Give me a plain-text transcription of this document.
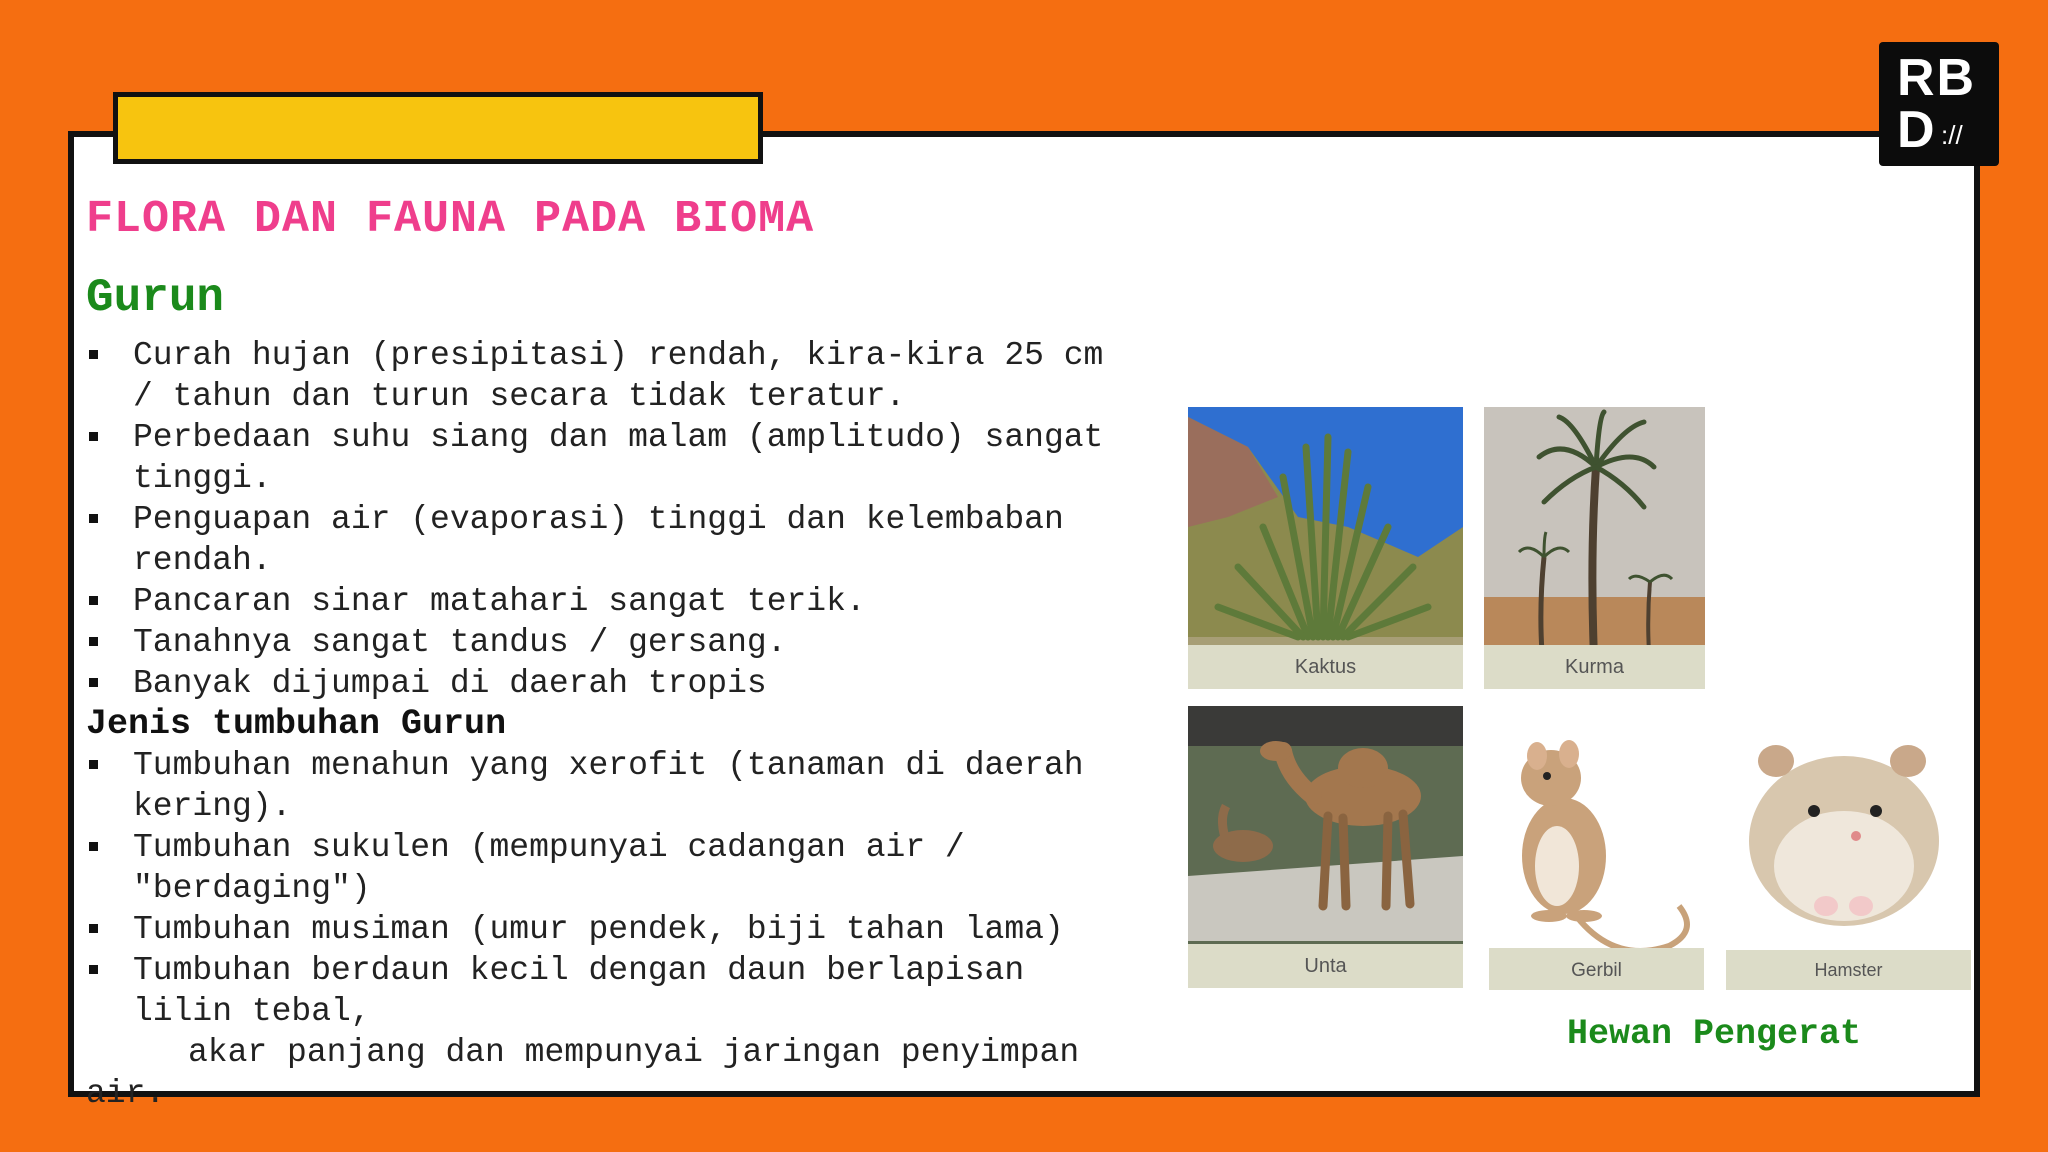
RB
D ://
FLORA DAN FAUNA PADA BIOMA
Gurun
Curah hujan (presipitasi) rendah, kira-kira 25 cm
/ tahun dan turun secara tidak teratur.
Perbedaan suhu siang dan malam (amplitudo) sangat
tinggi.
Penguapan air (evaporasi) tinggi dan kelembaban
rendah.
Pancaran sinar matahari sangat terik.
Tanahnya sangat tandus / gersang.
Banyak dijumpai di daerah tropis

Jenis tumbuhan Gurun

Tumbuhan menahun yang xerofit (tanaman di daerah
kering).
Tumbuhan sukulen (mempunyai cadangan air /
"berdaging")
Tumbuhan musiman (umur pendek, biji tahan lama)
Tumbuhan berdaun kecil dengan daun berlapisan
lilin tebal,
akar panjang dan mempunyai jaringan penyimpan
air.
Kaktus	Kurma
Unta	Gerbil	Hamster

Hewan Pengerat
